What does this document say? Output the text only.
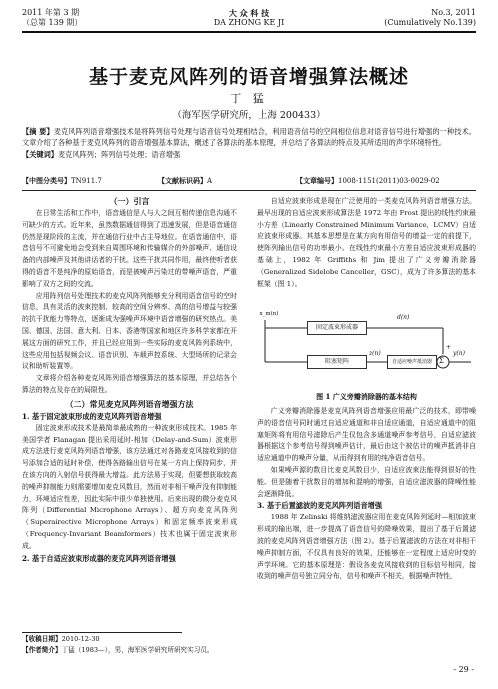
2011 年第 3 期
（总第 139 期）
大 众 科 技
DA ZHONG KE JI
No.3, 2011
(Cumulatively No.139)
基于麦克风阵列的语音增强算法概述
丁 猛
（海军医学研究所，上海 200433）
【摘 要】麦克风阵列语音增强技术是将阵列信号处理与语音信号处理相结合，利用语音信号的空间相位信息对语音信号进行增强的一种技术。文章介绍了各种基于麦克风阵列的语音增强基本算法，概述了各算法的基本原理，并总结了各算法的特点及其所适用的声学环境特性。
【关键词】麦克风阵列；阵列信号处理；语音增强
【中图分类号】TN911.7	【文献标识码】A	【文章编号】1008-1151(2011)03-0029-02
（一）引言

在日常生活和工作中，语音通信是人与人之间互相传递信息沟通不可缺少的方式。近年来，虽然数据通信得到了迅速发展，但是语音通信仍然是现阶段的主流，并在通信行业中占主导地位。在语音通信中，语音信号不可避免地会受到来自周围环境和传输媒介的外部噪声、通信设备的内部噪声及其他讲话者的干扰。这些干扰共同作用，最终使听者获得的语音不是纯净的原始语音，而是被噪声污染过的带噪声语音，严重影响了双方之间的交流。

应用阵列信号处理技术的麦克风阵列能够充分利用语音信号的空时信息，具有灵活的波束控制、较高的空间分辨率、高的信号增益与较强的抗干扰能力等特点，逐渐成为强噪声环境中语音增强的研究热点。美国、德国、法国、意大利、日本、香港等国家和地区许多科学家都在开展这方面的研究工作，并且已经应用到一些实际的麦克风阵列系统中，这些应用包括视频会议、语音识别、车载声控系统、大型场所的记录会议和助听装置等。

文章将介绍各种麦克风阵列语音增强算法的基本原理，并总结各个算法的特点及存在的局限性。

（二）常见麦克风阵列语音增强方法
1. 基于固定波束形成的麦克风阵列语音增强

固定波束形成技术是最简单最成熟的一种波束形成技术。1985 年美国学者 Flanagan 提出采用延时-相加（Delay-and-Sum）波束形成方法进行麦克风阵列语音增强，该方法通过对各路麦克风接收到的信号添加合适的延时补偿，使得各路输出信号在某一方向上保持同步，并在该方向的入射信号获得最大增益。此方法易于实现，但要想获取较高的噪声抑制能力则需要增加麦克风数目，然而对非相干噪声没有抑制能力，环境适应性差，因此实际中很少单独使用。后来出现的微分麦克风阵列（Differential Microphone Arrays）、超方向麦克风阵列（Superairective Microphone Arrays）和固定频率波束形成（Frequency-Invariant Beamformers）技术也属于固定波束形成。

2. 基于自适应波束形成器的麦克风阵列语音增强

自适应波束形成是现在广泛使用的一类麦克风阵列语音增强方法。最早出现的自适应波束形成算法是 1972 年由 Frost 提出的线性约束最小方差（Linearly Constrained Minimum Variance，LCMV）自适应波束形成器。其基本思想是在某方向有用信号的增益一定的前提下，使阵列输出信号的功率最小。在线性约束最小方差自适应波束形成器的基础上，1982 年 Griffiths 和 Jim 提出了广义旁瓣消除器（Generalized Sidelobe Canceller，GSC），成为了许多算法的基本框架（图 1）。

x_m(n)
固定波束形成器
阻塞矩阵	自适应噪声抵消器
d(n)
z(n)	y(n)
Σ
+
-
图 1 广义旁瓣消除器的基本结构

广义旁瓣消除器是麦克风阵列语音增强应用最广泛的技术，即带噪声的语音信号同时通过自适应通道和非自适应通道，自适应通道中的阻塞矩阵将有用信号滤除后产生仅包含多通道噪声参考信号，自适应滤波器根据这个参考信号得到噪声估计，最后由这个被估计的噪声抵消非自适应通道中的噪声分量，从而得到有用的纯净语音信号。

如果噪声源的数目比麦克风数目少，自适应波束法能得到很好的性能。但是随着干扰数目的增加和混响的增强，自适应滤波器的降噪性能会逐渐降低。

3. 基于后置滤波的麦克风阵列语音增强

1988 年 Zelinski 将维纳滤波器应用在麦克风阵列延时—相加波束形成的输出端，进一步提高了语音信号的降噪效果，提出了基于后置滤波的麦克风阵列语音增强方法（图 2）。基于后置滤波的方法在对非相干噪声抑制方面，不仅具有良好的效果，还能够在一定程度上适应时变的声学环境。它的基本原理是：假设各麦克风接收到的目标信号相同，接收到的噪声信号独立同分布，信号和噪声不相关，根据噪声特性，

【收稿日期】2010-12-30
【作者简介】丁猛（1983—），男，海军医学研究所研究实习员。
- 29 -
